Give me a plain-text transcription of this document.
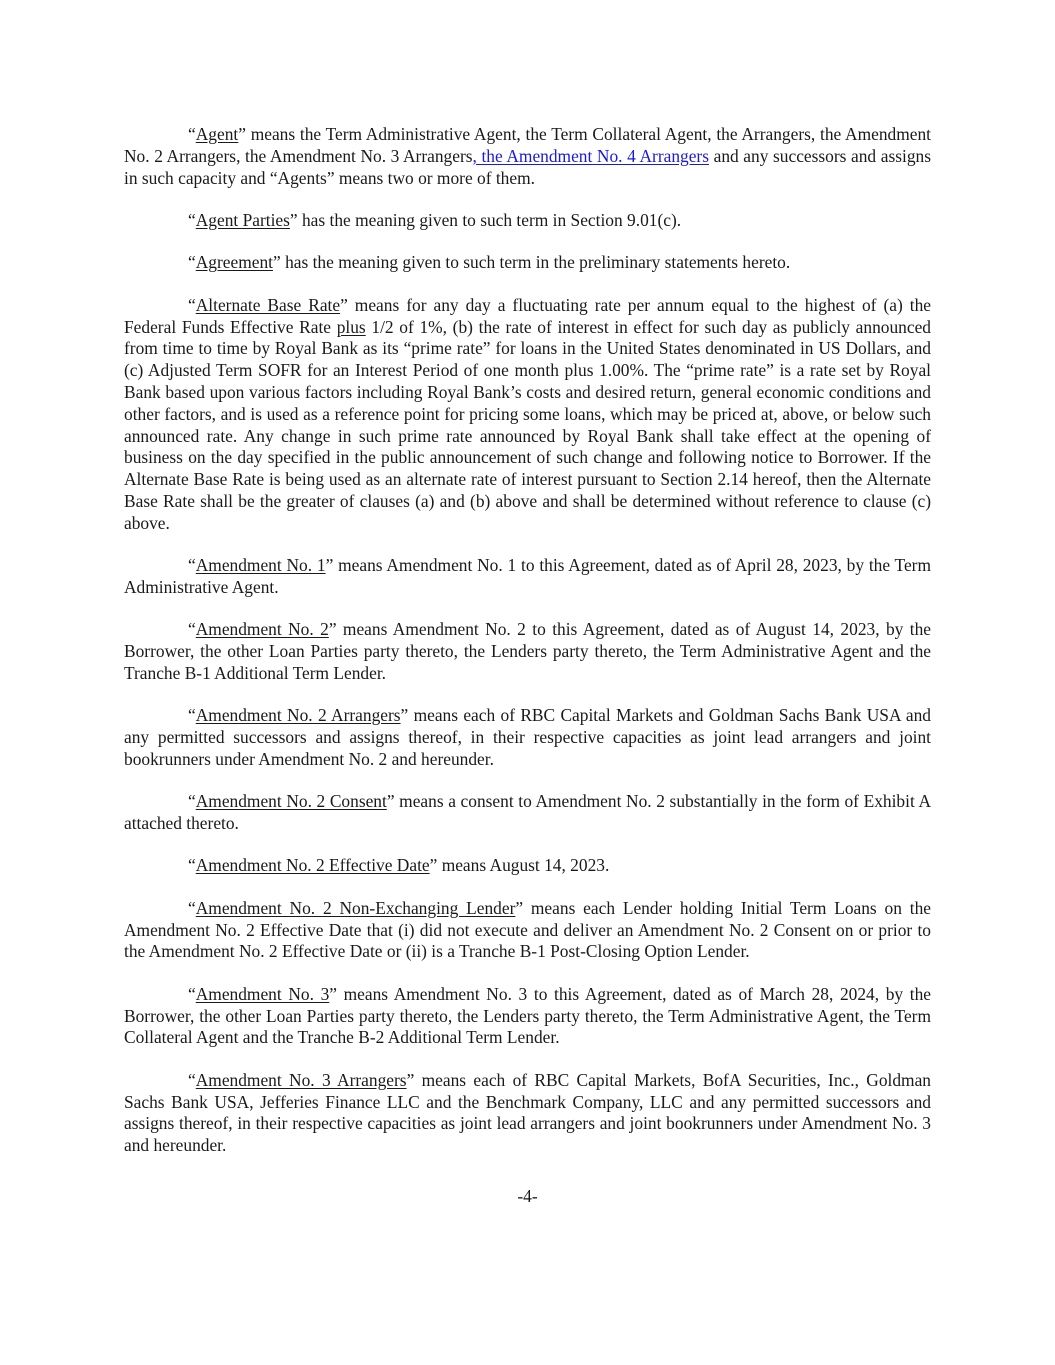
“Agent” means the Term Administrative Agent, the Term Collateral Agent, the Arrangers, the Amendment No. 2 Arrangers, the Amendment No. 3 Arrangers, the Amendment No. 4 Arrangers and any successors and assigns in such capacity and “Agents” means two or more of them.

“Agent Parties” has the meaning given to such term in Section 9.01(c).

“Agreement” has the meaning given to such term in the preliminary statements hereto.

“Alternate Base Rate” means for any day a fluctuating rate per annum equal to the highest of (a) the Federal Funds Effective Rate plus 1/2 of 1%, (b) the rate of interest in effect for such day as publicly announced from time to time by Royal Bank as its “prime rate” for loans in the United States denominated in US Dollars, and (c) Adjusted Term SOFR for an Interest Period of one month plus 1.00%. The “prime rate” is a rate set by Royal Bank based upon various factors including Royal Bank’s costs and desired return, general economic conditions and other factors, and is used as a reference point for pricing some loans, which may be priced at, above, or below such announced rate. Any change in such prime rate announced by Royal Bank shall take effect at the opening of business on the day specified in the public announcement of such change and following notice to Borrower. If the Alternate Base Rate is being used as an alternate rate of interest pursuant to Section 2.14 hereof, then the Alternate Base Rate shall be the greater of clauses (a) and (b) above and shall be determined without reference to clause (c) above.

“Amendment No. 1” means Amendment No. 1 to this Agreement, dated as of April 28, 2023, by the Term Administrative Agent.

“Amendment No. 2” means Amendment No. 2 to this Agreement, dated as of August 14, 2023, by the Borrower, the other Loan Parties party thereto, the Lenders party thereto, the Term Administrative Agent and the Tranche B-1 Additional Term Lender.

“Amendment No. 2 Arrangers” means each of RBC Capital Markets and Goldman Sachs Bank USA and any permitted successors and assigns thereof, in their respective capacities as joint lead arrangers and joint bookrunners under Amendment No. 2 and hereunder.

“Amendment No. 2 Consent” means a consent to Amendment No. 2 substantially in the form of Exhibit A attached thereto.

“Amendment No. 2 Effective Date” means August 14, 2023.

“Amendment No. 2 Non-Exchanging Lender” means each Lender holding Initial Term Loans on the Amendment No. 2 Effective Date that (i) did not execute and deliver an Amendment No. 2 Consent on or prior to the Amendment No. 2 Effective Date or (ii) is a Tranche B-1 Post-Closing Option Lender.

“Amendment No. 3” means Amendment No. 3 to this Agreement, dated as of March 28, 2024, by the Borrower, the other Loan Parties party thereto, the Lenders party thereto, the Term Administrative Agent, the Term Collateral Agent and the Tranche B-2 Additional Term Lender.

“Amendment No. 3 Arrangers” means each of RBC Capital Markets, BofA Securities, Inc., Goldman Sachs Bank USA, Jefferies Finance LLC and the Benchmark Company, LLC and any permitted successors and assigns thereof, in their respective capacities as joint lead arrangers and joint bookrunners under Amendment No. 3 and hereunder.

-4-
